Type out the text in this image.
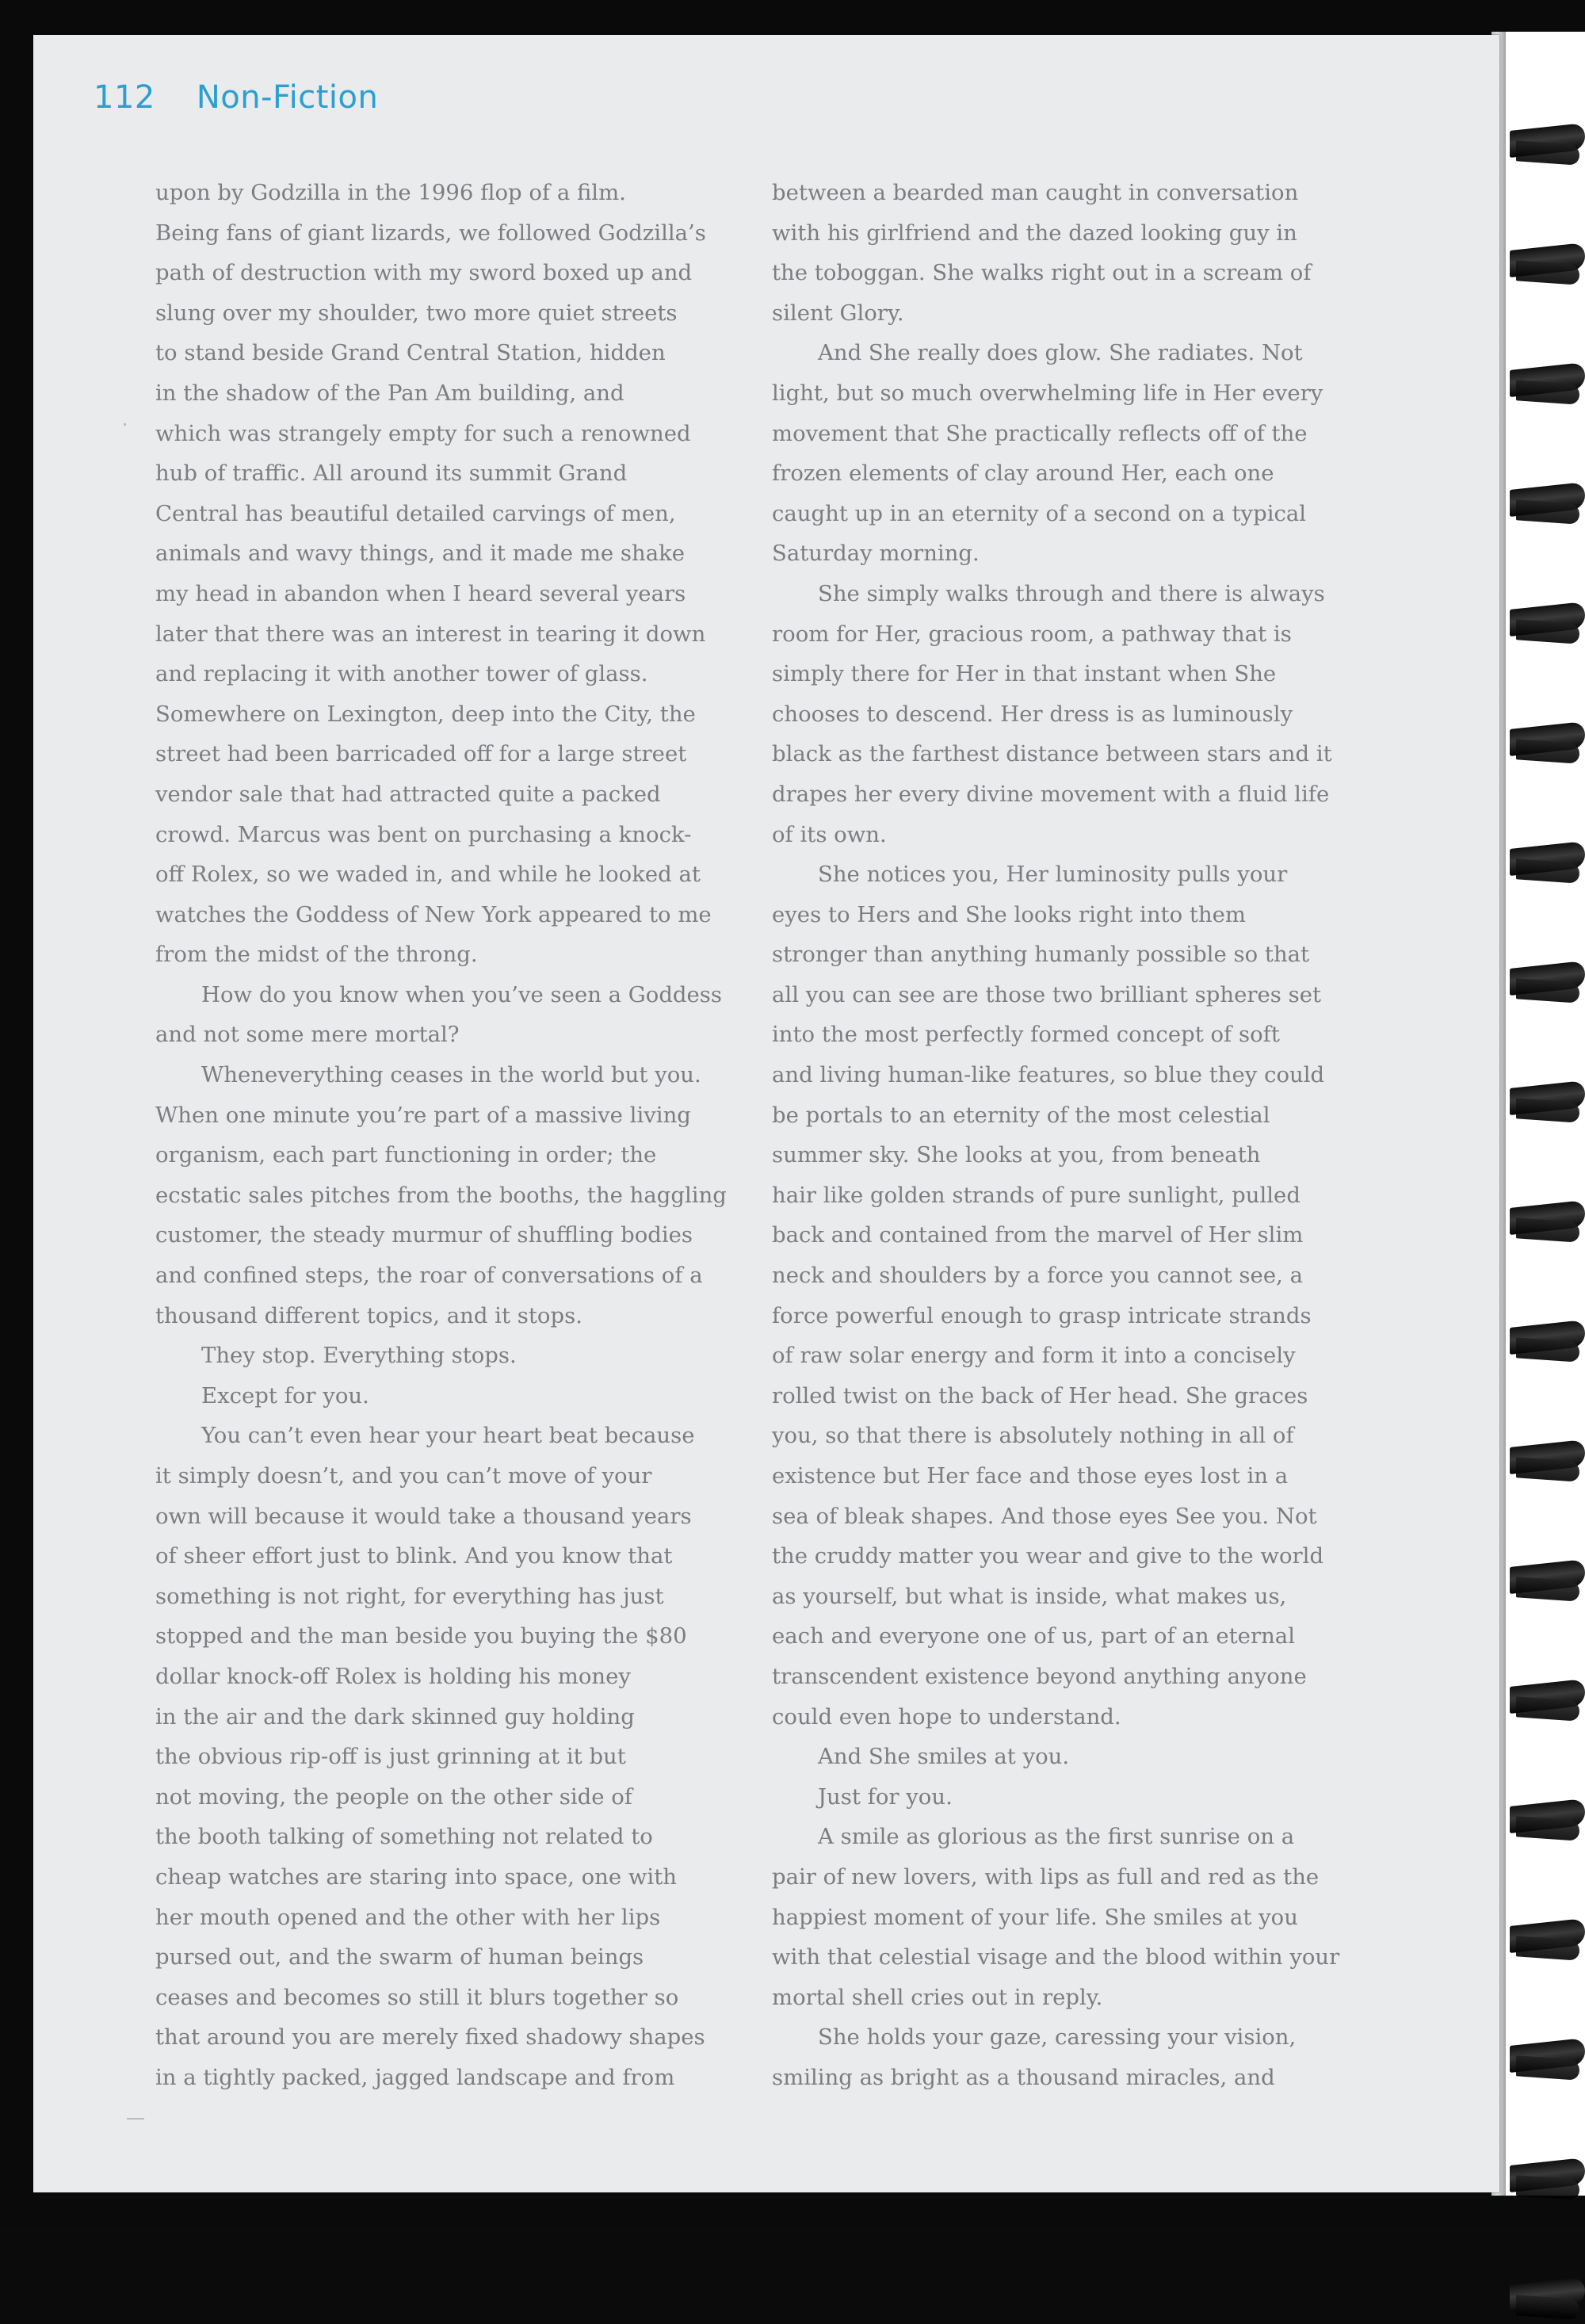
112 Non-Fiction

upon by Godzilla in the 1996 flop of a film.

Being fans of giant lizards, we followed Godzilla’s

path of destruction with my sword boxed up and

slung over my shoulder, two more quiet streets

to stand beside Grand Central Station, hidden

in the shadow of the Pan Am building, and

which was strangely empty for such a renowned

hub of traffic. All around its summit Grand

Central has beautiful detailed carvings of men,

animals and wavy things, and it made me shake

my head in abandon when I heard several years

later that there was an interest in tearing it down

and replacing it with another tower of glass.

Somewhere on Lexington, deep into the City, the

street had been barricaded off for a large street

vendor sale that had attracted quite a packed

crowd. Marcus was bent on purchasing a knock-

off Rolex, so we waded in, and while he looked at

watches the Goddess of New York appeared to me

from the midst of the throng.

How do you know when you’ve seen a Goddess

and not some mere mortal?

Wheneverything ceases in the world but you.

When one minute you’re part of a massive living

organism, each part functioning in order; the

ecstatic sales pitches from the booths, the haggling

customer, the steady murmur of shuffling bodies

and confined steps, the roar of conversations of a

thousand different topics, and it stops.

They stop. Everything stops.

Except for you.

You can’t even hear your heart beat because

it simply doesn’t, and you can’t move of your

own will because it would take a thousand years

of sheer effort just to blink. And you know that

something is not right, for everything has just

stopped and the man beside you buying the $80

dollar knock-off Rolex is holding his money

in the air and the dark skinned guy holding

the obvious rip-off is just grinning at it but

not moving, the people on the other side of

the booth talking of something not related to

cheap watches are staring into space, one with

her mouth opened and the other with her lips

pursed out, and the swarm of human beings

ceases and becomes so still it blurs together so

that around you are merely fixed shadowy shapes

in a tightly packed, jagged landscape and from

between a bearded man caught in conversation

with his girlfriend and the dazed looking guy in

the toboggan. She walks right out in a scream of

silent Glory.

And She really does glow. She radiates. Not

light, but so much overwhelming life in Her every

movement that She practically reflects off of the

frozen elements of clay around Her, each one

caught up in an eternity of a second on a typical

Saturday morning.

She simply walks through and there is always

room for Her, gracious room, a pathway that is

simply there for Her in that instant when She

chooses to descend. Her dress is as luminously

black as the farthest distance between stars and it

drapes her every divine movement with a fluid life

of its own.

She notices you, Her luminosity pulls your

eyes to Hers and She looks right into them

stronger than anything humanly possible so that

all you can see are those two brilliant spheres set

into the most perfectly formed concept of soft

and living human-like features, so blue they could

be portals to an eternity of the most celestial

summer sky. She looks at you, from beneath

hair like golden strands of pure sunlight, pulled

back and contained from the marvel of Her slim

neck and shoulders by a force you cannot see, a

force powerful enough to grasp intricate strands

of raw solar energy and form it into a concisely

rolled twist on the back of Her head. She graces

you, so that there is absolutely nothing in all of

existence but Her face and those eyes lost in a

sea of bleak shapes. And those eyes See you. Not

the cruddy matter you wear and give to the world

as yourself, but what is inside, what makes us,

each and everyone one of us, part of an eternal

transcendent existence beyond anything anyone

could even hope to understand.

And She smiles at you.

Just for you.

A smile as glorious as the first sunrise on a

pair of new lovers, with lips as full and red as the

happiest moment of your life. She smiles at you

with that celestial visage and the blood within your

mortal shell cries out in reply.

She holds your gaze, caressing your vision,

smiling as bright as a thousand miracles, and
